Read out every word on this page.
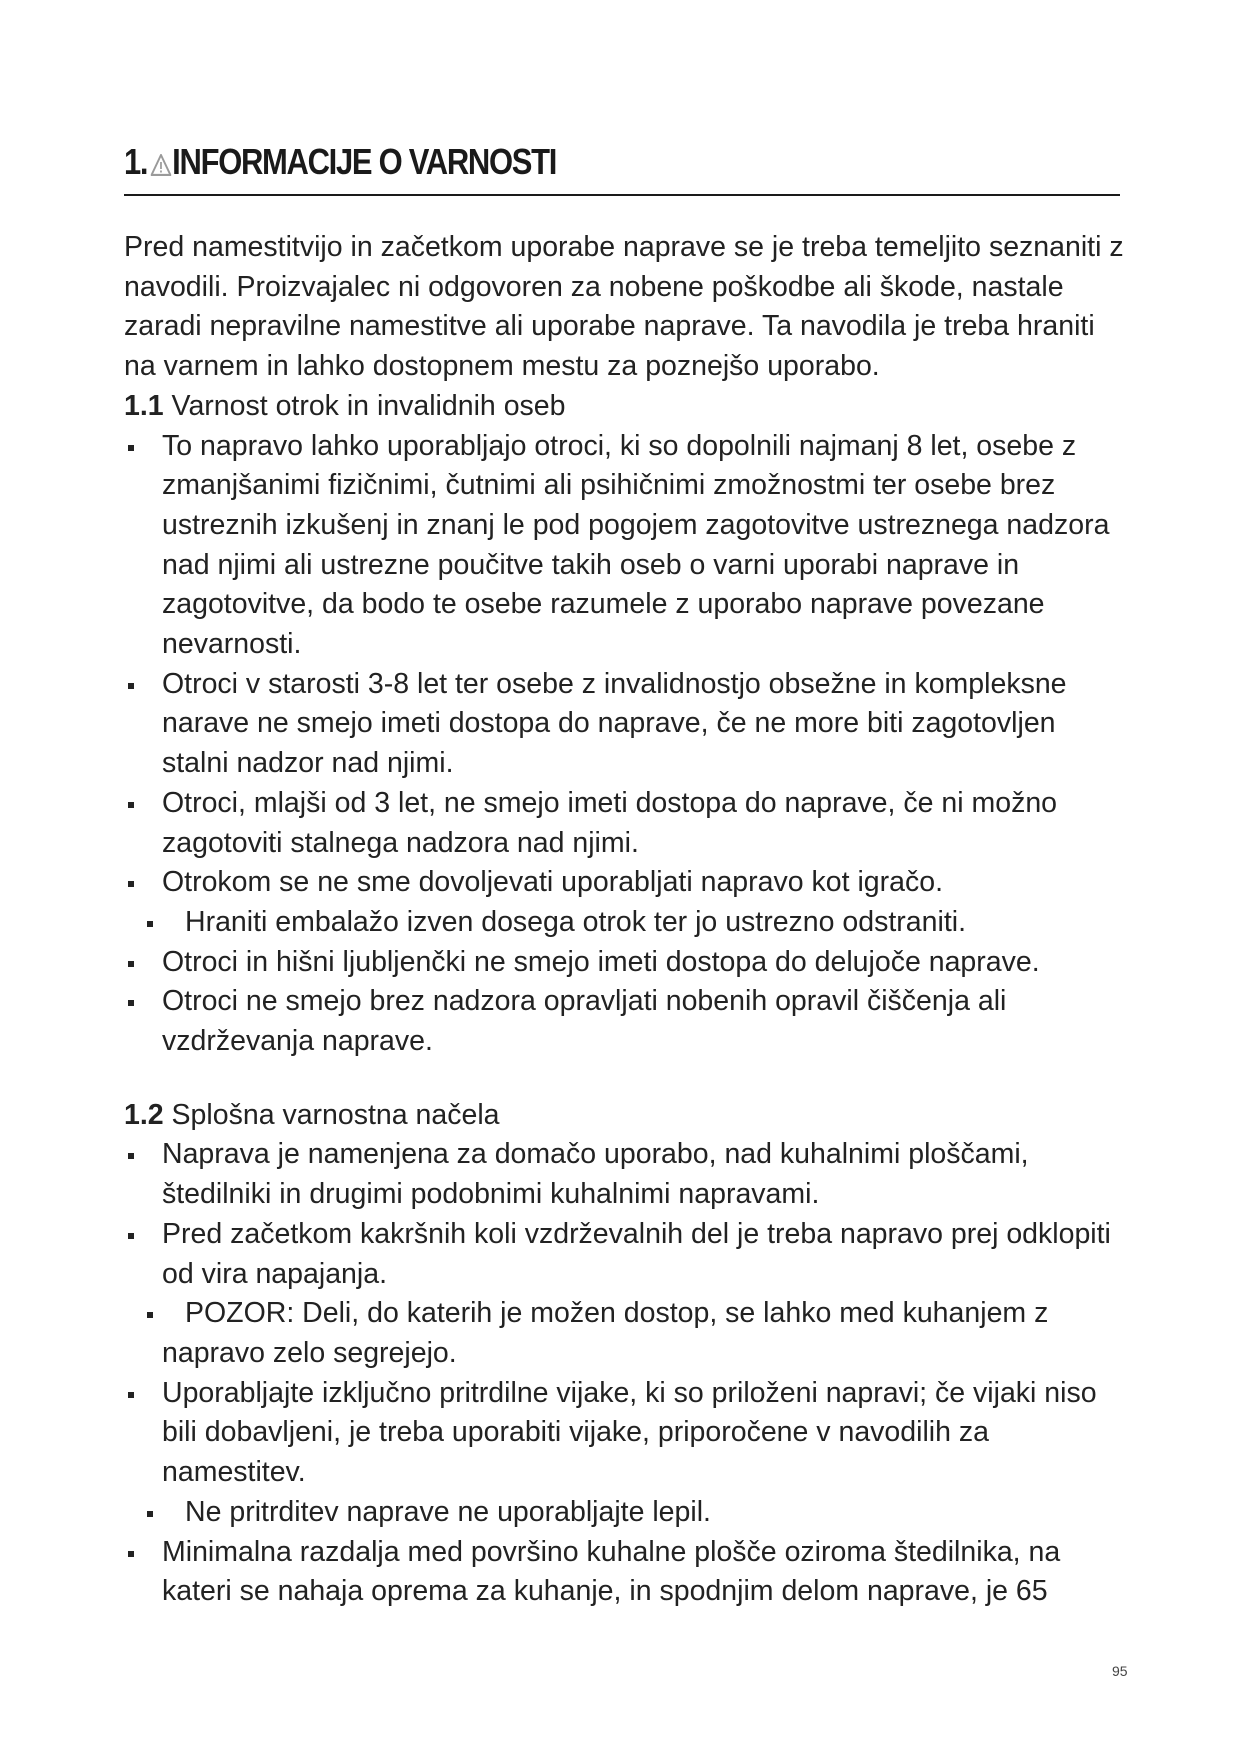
1. INFORMACIJE O VARNOSTI

Pred namestitvijo in začetkom uporabe naprave se je treba temeljito seznaniti z navodili. Proizvajalec ni odgovoren za nobene poškodbe ali škode, nastale zaradi nepravilne namestitve ali uporabe naprave. Ta navodila je treba hraniti na varnem in lahko dostopnem mestu za poznejšo uporabo.

1.1 Varnost otrok in invalidnih oseb
To napravo lahko uporabljajo otroci, ki so dopolnili najmanj 8 let, osebe z zmanjšanimi fizičnimi, čutnimi ali psihičnimi zmožnostmi ter osebe brez ustreznih izkušenj in znanj le pod pogojem zagotovitve ustreznega nadzora nad njimi ali ustrezne poučitve takih oseb o varni uporabi naprave in zagotovitve, da bodo te osebe razumele z uporabo naprave povezane nevarnosti.
Otroci v starosti 3-8 let ter osebe z invalidnostjo obsežne in kompleksne narave ne smejo imeti dostopa do naprave, če ne more biti zagotovljen stalni nadzor nad njimi.
Otroci, mlajši od 3 let, ne smejo imeti dostopa do naprave, če ni možno zagotoviti stalnega nadzora nad njimi.
Otrokom se ne sme dovoljevati uporabljati napravo kot igračo.
Hraniti embalažo izven dosega otrok ter jo ustrezno odstraniti.
Otroci in hišni ljubljenčki ne smejo imeti dostopa do delujoče naprave.
Otroci ne smejo brez nadzora opravljati nobenih opravil čiščenja ali vzdrževanja naprave.
1.2 Splošna varnostna načela
Naprava je namenjena za domačo uporabo, nad kuhalnimi ploščami, štedilniki in drugimi podobnimi kuhalnimi napravami.
Pred začetkom kakršnih koli vzdrževalnih del je treba napravo prej odklopiti od vira napajanja.
POZOR: Deli, do katerih je možen dostop, se lahko med kuhanjem z napravo zelo segrejejo.
Uporabljajte izključno pritrdilne vijake, ki so priloženi napravi; če vijaki niso bili dobavljeni, je treba uporabiti vijake, priporočene v navodilih za namestitev.
Ne pritrditev naprave ne uporabljajte lepil.
Minimalna razdalja med površino kuhalne plošče oziroma štedilnika, na kateri se nahaja oprema za kuhanje, in spodnjim delom naprave, je 65
95
